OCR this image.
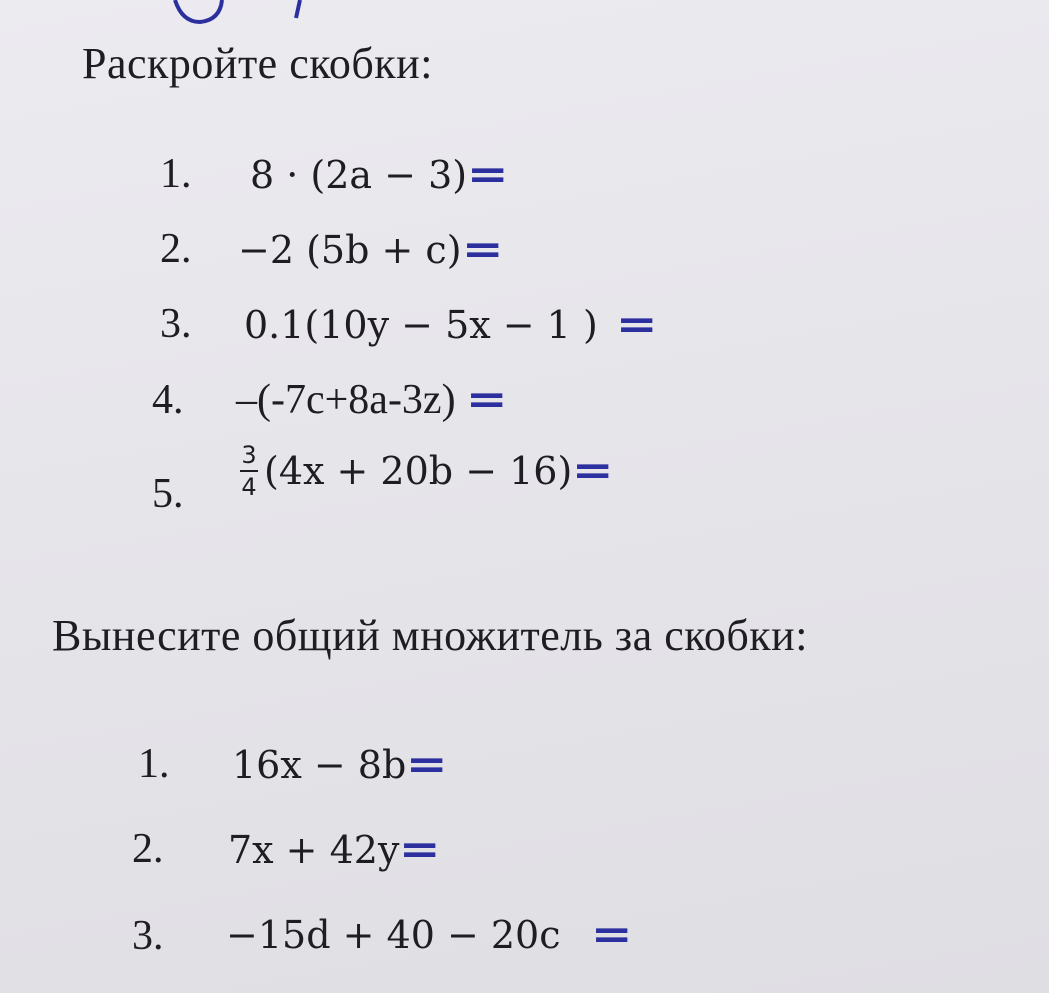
Раскройте скобки:
1. 8 · (2a − 3) =
2. −2 (5b + c) =
3. 0.1(10y − 5x − 1 ) =
4. –(-7c+8a-3z) =
5. $\frac{3}{4} (4x + 20b - 16)$ =
Вынесите общий множитель за скобки:
1. 16x − 8b =
2. 7x + 42y =
3. −15d + 40 − 20c =
